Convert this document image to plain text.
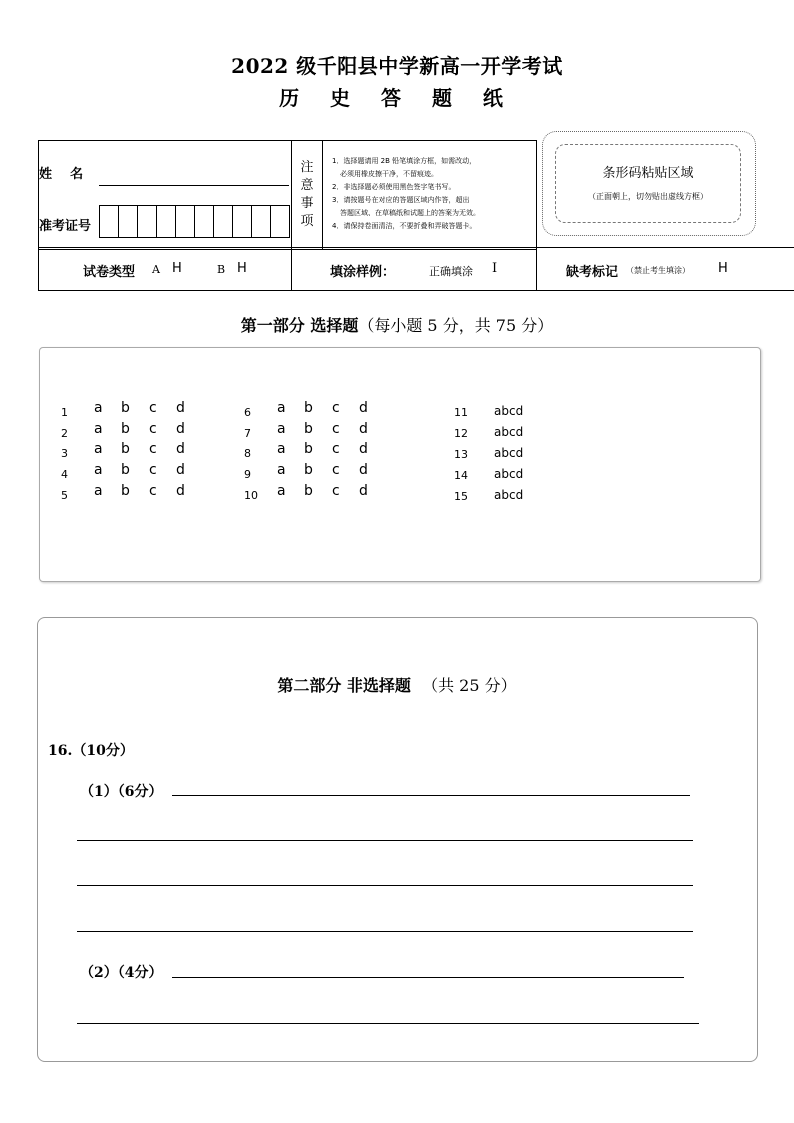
2022 级千阳县中学新高一开学考试
历 史 答 题 纸
姓    名
准考证号
注
意
事
项
1．选择题请用 2B 铅笔填涂方框，如需改动，
必须用橡皮擦干净，不留痕迹。
2．非选择题必须使用黑色签字笔书写。
3．请按题号在对应的答题区域内作答，超出
答题区域、在草稿纸和试题上的答案为无效。
4．请保持卷面清洁，不要折叠和弄破答题卡。
试卷类型 A H	B H	填涂样例：	正确填涂 I	缺考标记 （禁止考生填涂） H
条形码粘贴区域
（正面朝上，切勿贴出虚线方框）
第一部分 选择题（每小题 5 分，共 75 分）
1 a b c d
2 a b c d
3 a b c d
4 a b c d
5 a b c d
6 a b c d
7 a b c d
8 a b c d
9 a b c d
10 a b c d
11 abcd
12 abcd
13 abcd
14 abcd
15 abcd
第二部分 非选择题 （共 25 分）
16.（10分）
（1）（6分）
（2）（4分）
